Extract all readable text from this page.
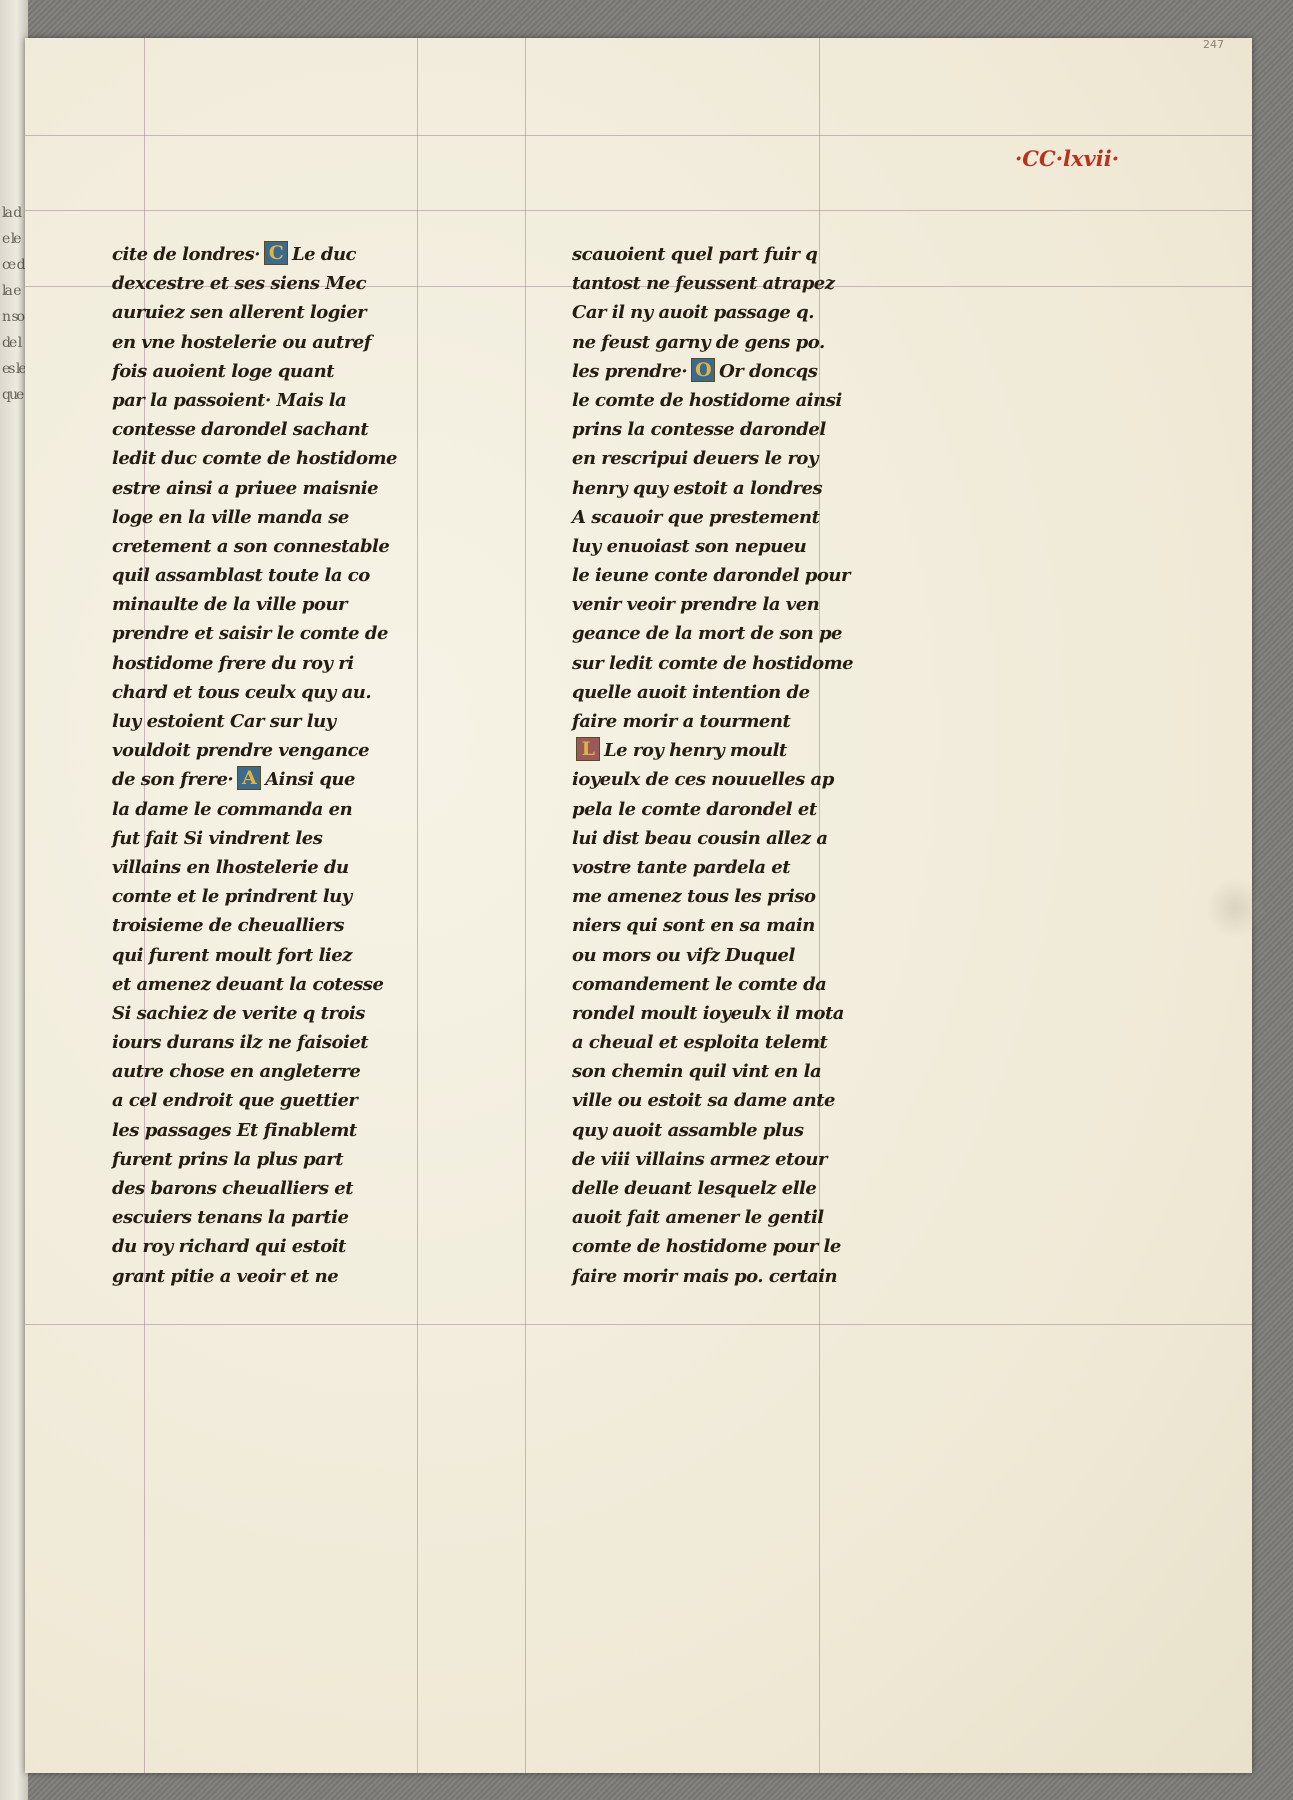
la de le ce d la en so de les le que
247
·CC·lxvii·
cite de londres· C Le duc
dexcestre et ses siens Mec
auruiez sen allerent logier
en vne hostelerie ou autref
fois auoient loge quant
par la passoient· Mais la
contesse darondel sachant
ledit duc comte de hostidome
estre ainsi a priuee maisnie
loge en la ville manda se
cretement a son connestable
quil assamblast toute la co
minaulte de la ville pour
prendre et saisir le comte de
hostidome frere du roy ri
chard et tous ceulx quy au.
luy estoient Car sur luy
vouldoit prendre vengance
de son frere· A Ainsi que
la dame le commanda en
fut fait Si vindrent les
villains en lhostelerie du
comte et le prindrent luy
troisieme de cheualliers
qui furent moult fort liez
et amenez deuant la cotesse
Si sachiez de verite q trois
iours durans ilz ne faisoiet
autre chose en angleterre
a cel endroit que guettier
les passages Et finablemt
furent prins la plus part
des barons cheualliers et
escuiers tenans la partie
du roy richard qui estoit
grant pitie a veoir et ne
scauoient quel part fuir q
tantost ne feussent atrapez
Car il ny auoit passage q.
ne feust garny de gens po.
les prendre· O Or doncqs
le comte de hostidome ainsi
prins la contesse darondel
en rescripui deuers le roy
henry quy estoit a londres
A scauoir que prestement
luy enuoiast son nepueu
le ieune conte darondel pour
venir veoir prendre la ven
geance de la mort de son pe
sur ledit comte de hostidome
quelle auoit intention de
faire morir a tourment
L Le roy henry moult
ioyeulx de ces nouuelles ap
pela le comte darondel et
lui dist beau cousin allez a
vostre tante pardela et
me amenez tous les priso
niers qui sont en sa main
ou mors ou vifz Duquel
comandement le comte da
rondel moult ioyeulx il mota
a cheual et esploita telemt
son chemin quil vint en la
ville ou estoit sa dame ante
quy auoit assamble plus
de viii villains armez etour
delle deuant lesquelz elle
auoit fait amener le gentil
comte de hostidome pour le
faire morir mais po. certain
